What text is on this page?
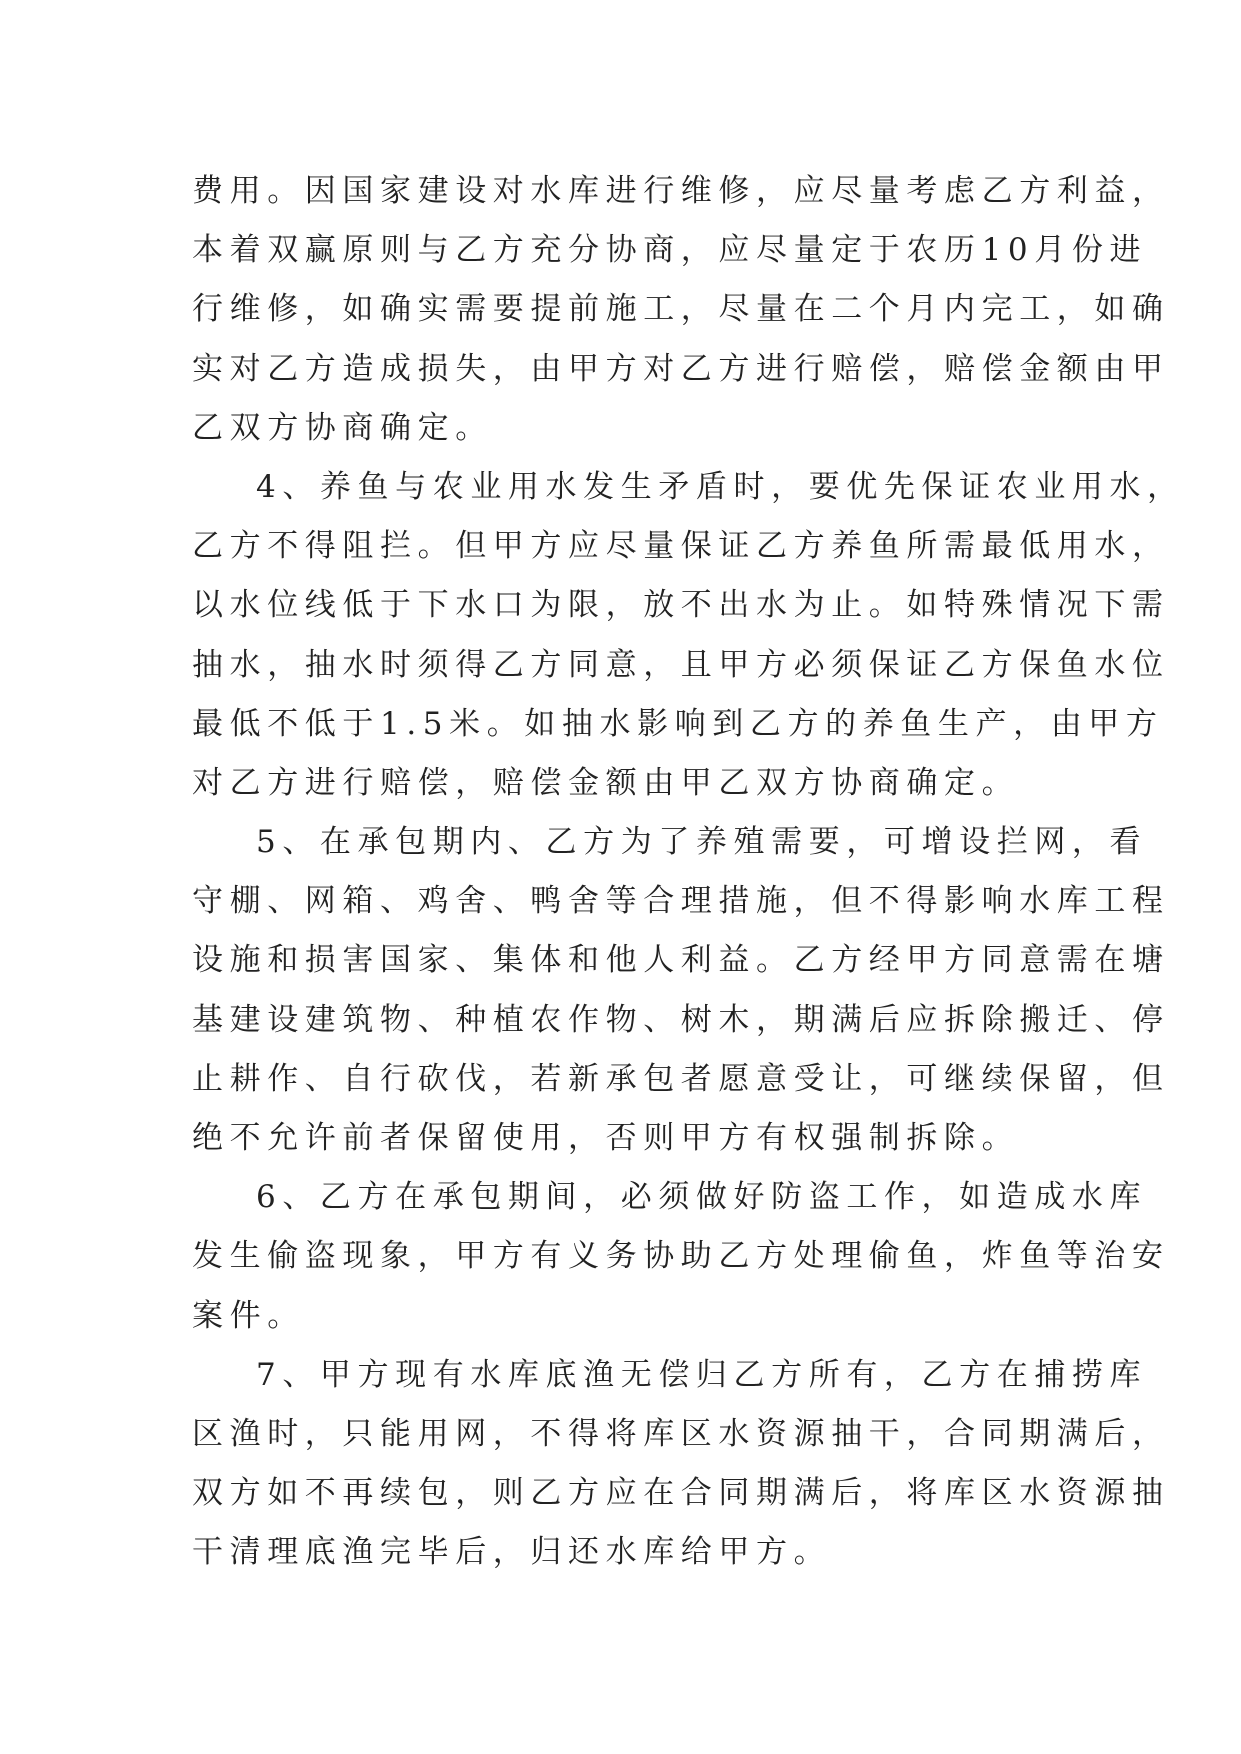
费用。因国家建设对水库进行维修，应尽量考虑乙方利益，
本着双赢原则与乙方充分协商，应尽量定于农历10月份进
行维修，如确实需要提前施工，尽量在二个月内完工，如确
实对乙方造成损失，由甲方对乙方进行赔偿，赔偿金额由甲
乙双方协商确定。
4、养鱼与农业用水发生矛盾时，要优先保证农业用水，
乙方不得阻拦。但甲方应尽量保证乙方养鱼所需最低用水，
以水位线低于下水口为限，放不出水为止。如特殊情况下需
抽水，抽水时须得乙方同意，且甲方必须保证乙方保鱼水位
最低不低于1.5米。如抽水影响到乙方的养鱼生产，由甲方
对乙方进行赔偿，赔偿金额由甲乙双方协商确定。
5、在承包期内、乙方为了养殖需要，可增设拦网，看
守棚、网箱、鸡舍、鸭舍等合理措施，但不得影响水库工程
设施和损害国家、集体和他人利益。乙方经甲方同意需在塘
基建设建筑物、种植农作物、树木，期满后应拆除搬迁、停
止耕作、自行砍伐，若新承包者愿意受让，可继续保留，但
绝不允许前者保留使用，否则甲方有权强制拆除。
6、乙方在承包期间，必须做好防盗工作，如造成水库
发生偷盗现象，甲方有义务协助乙方处理偷鱼，炸鱼等治安
案件。
7、甲方现有水库底渔无偿归乙方所有，乙方在捕捞库
区渔时，只能用网，不得将库区水资源抽干，合同期满后，
双方如不再续包，则乙方应在合同期满后，将库区水资源抽
干清理底渔完毕后，归还水库给甲方。
